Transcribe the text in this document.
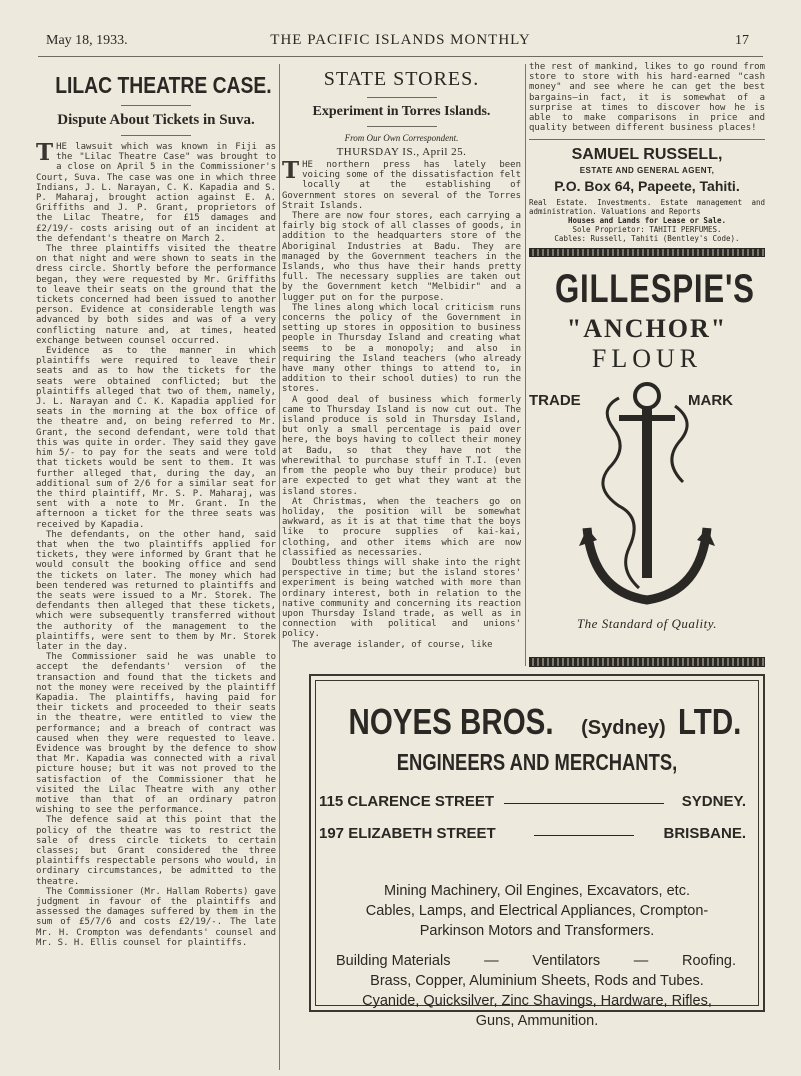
May 18, 1933.	THE PACIFIC ISLANDS MONTHLY	17
LILAC THEATRE CASE.
Dispute About Tickets in Suva.

THE lawsuit which was known in Fiji as the "Lilac Theatre Case" was brought to a close on April 5 in the Commissioner's Court, Suva. The case was one in which three Indians, J. L. Narayan, C. K. Kapadia and S. P. Maharaj, brought action against E. A. Griffiths and J. P. Grant, proprietors of the Lilac Theatre, for £15 damages and £2/19/- costs arising out of an incident at the defendant's theatre on March 2.

The three plaintiffs visited the theatre on that night and were shown to seats in the dress circle. Shortly before the performance began, they were requested by Mr. Griffiths to leave their seats on the ground that the tickets concerned had been issued to another person. Evidence at considerable length was advanced by both sides and was of a very conflicting nature and, at times, heated exchange between counsel occurred.

Evidence as to the manner in which plaintiffs were required to leave their seats and as to how the tickets for the seats were obtained conflicted; but the plaintiffs alleged that two of them, namely, J. L. Narayan and C. K. Kapadia applied for seats in the morning at the box office of the theatre and, on being referred to Mr. Grant, the second defendant, were told that this was quite in order. They said they gave him 5/- to pay for the seats and were told that tickets would be sent to them. It was further alleged that, during the day, an additional sum of 2/6 for a similar seat for the third plaintiff, Mr. S. P. Maharaj, was sent with a note to Mr. Grant. In the afternoon a ticket for the three seats was received by Kapadia.

The defendants, on the other hand, said that when the two plaintiffs applied for tickets, they were informed by Grant that he would consult the booking office and send the tickets on later. The money which had been tendered was returned to plaintiffs and the seats were issued to a Mr. Storek. The defendants then alleged that these tickets, which were subsequently transferred without the authority of the management to the plaintiffs, were sent to them by Mr. Storek later in the day.

The Commissioner said he was unable to accept the defendants' version of the transaction and found that the tickets and not the money were received by the plaintiff Kapadia. The plaintiffs, having paid for their tickets and proceeded to their seats in the theatre, were entitled to view the performance; and a breach of contract was caused when they were requested to leave. Evidence was brought by the defence to show that Mr. Kapadia was connected with a rival picture house; but it was not proved to the satisfaction of the Commissioner that he visited the Lilac Theatre with any other motive than that of an ordinary patron wishing to see the performance.

The defence said at this point that the policy of the theatre was to restrict the sale of dress circle tickets to certain classes; but Grant considered the three plaintiffs respectable persons who would, in ordinary circumstances, be admitted to the theatre.

The Commissioner (Mr. Hallam Roberts) gave judgment in favour of the plaintiffs and assessed the damages suffered by them in the sum of £5/7/6 and costs £2/19/-. The late Mr. H. Crompton was defendants' counsel and Mr. S. H. Ellis counsel for plaintiffs.

STATE STORES.
Experiment in Torres Islands.
From Our Own Correspondent.
THURSDAY IS., April 25.

THE northern press has lately been voicing some of the dissatisfaction felt locally at the establishing of Government stores on several of the Torres Strait Islands.

There are now four stores, each carrying a fairly big stock of all classes of goods, in addition to the headquarters store of the Aboriginal Industries at Badu. They are managed by the Government teachers in the Islands, who thus have their hands pretty full. The necessary supplies are taken out by the Government ketch "Melbidir" and a lugger put on for the purpose.

The lines along which local criticism runs concerns the policy of the Government in setting up stores in opposition to business people in Thursday Island and creating what seems to be a monopoly; and also in requiring the Island teachers (who already have many other things to attend to, in addition to their school duties) to run the stores.

A good deal of business which formerly came to Thursday Island is now cut out. The island produce is sold in Thursday Island, but only a small percentage is paid over here, the boys having to collect their money at Badu, so that they have not the wherewithal to purchase stuff in T.I. (even from the people who buy their produce) but are expected to get what they want at the island stores.

At Christmas, when the teachers go on holiday, the position will be somewhat awkward, as it is at that time that the boys like to procure supplies of kai-kai, clothing, and other items which are now classified as necessaries.

Doubtless things will shake into the right perspective in time; but the island stores' experiment is being watched with more than ordinary interest, both in relation to the native community and concerning its reaction upon Thursday Island trade, as well as in connection with political and unions' policy.

The average islander, of course, like

the rest of mankind, likes to go round from store to store with his hard-earned "cash money" and see where he can get the best bargains—in fact, it is somewhat of a surprise at times to discover how he is able to make comparisons in price and quality between different business places!

SAMUEL RUSSELL,
ESTATE AND GENERAL AGENT,
P.O. Box 64, Papeete, Tahiti.

Real Estate. Investments. Estate management and administration. Valuations and Reports

Houses and Lands for Lease or Sale.

Sole Proprietor: TAHITI PERFUMES.

Cables: Russell, Tahiti (Bentley's Code).

GILLESPIE'S
"ANCHOR"
FLOUR
TRADE	MARK
The Standard of Quality.
NOYES BROS. (Sydney) LTD.
ENGINEERS AND MERCHANTS,
115 CLARENCE STREET	SYDNEY.
197 ELIZABETH STREET	BRISBANE.
Mining Machinery, Oil Engines, Excavators, etc.
Cables, Lamps, and Electrical Appliances, Crompton-
Parkinson Motors and Transformers.
Building Materials — Ventilators — Roofing.
Brass, Copper, Aluminium Sheets, Rods and Tubes.
Cyanide, Quicksilver, Zinc Shavings, Hardware, Rifles,
Guns, Ammunition.
